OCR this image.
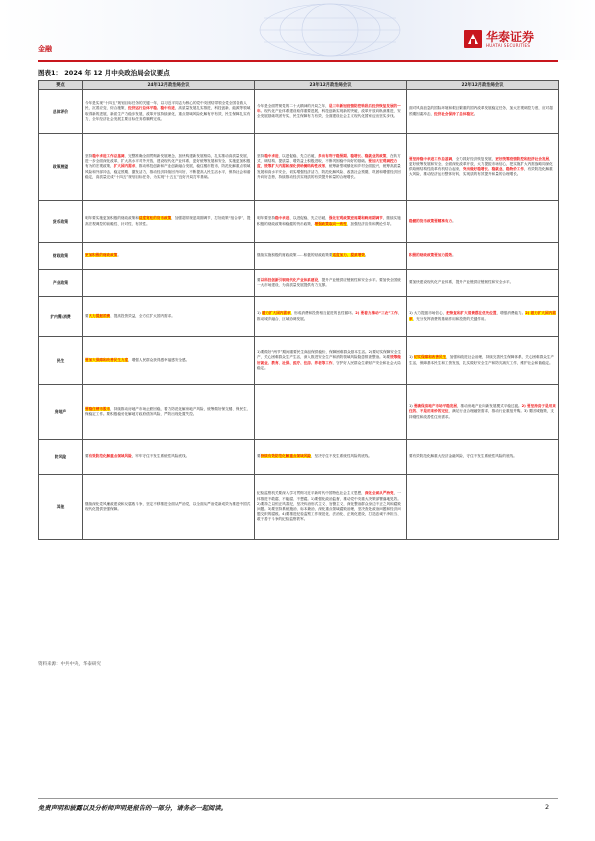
金融
华泰证券
HUATAI SECURITIES
图表1： 2024 年 12 月中央政治局会议要点
要点	24年12月政治局会议	23年12月政治局会议	22年12月政治局会议
总体评价	今年是实现“十四五”规划目标任务的关键一年，以习近平同志为核心的党中央团结带领全党全国各族人民，沉着应变、综合施策，经济运行总体平稳、稳中有进，高质量发展扎实推进，科技创新、能源等领域取得新的进展，新质生产力稳步发展，改革开放持续深化，重点领域风险化解有序有效，民生保障扎实有力，全年经济社会发展主要目标任务将顺利完成。	今年是全面贯彻党的二十大精神的开局之年，是三年新冠疫情防控转段后经济恢复发展的一年。现代化产业体系建设取得重要进展，科技创新实现新的突破，改革开放向纵深推进，安全发展基础巩固夯实，民生保障有力有效，全面建设社会主义现代化国家迈出坚实步伐。	面对风高浪急的国际环境和艰巨繁重的国内改革发展稳定任务，加大宏观调控力度，应对超预期因素冲击，经济社会保持了总体稳定。
政策展望	坚持稳中求进工作总基调，完整准确全面贯彻新发展理念，加快构建新发展格局，扎实推动高质量发展，进一步全面深化改革，扩大高水平对外开放，建设现代化产业体系，更好统筹发展和安全，实施更加积极有为的宏观政策，扩大国内需求，推动科技创新和产业创新融合发展，稳住楼市股市，防范化解重点领域风险和外部冲击，稳定预期、激发活力，推动经济持续回升向好，不断提高人民生活水平，保持社会和谐稳定，高质量完成“十四五”规划目标任务，为实现“十五五”良好开局打牢基础。	坚持稳中求进、以进促稳、先立后破，多出有利于稳预期、稳增长、稳就业的政策，在转方式、调结构、提质量、增效益上积极进取，不断巩固稳中向好的基础。要加大宏观调控力度，统筹扩大内需和深化供给侧结构性改革，统筹新型城镇化和乡村全面振兴，统筹高质量发展和高水平安全，切实增强经济活力、防范化解风险、改善社会预期，巩固和增强经济回升向好态势，持续推动经济实现质的有效提升和量的合理增长。	要坚持稳中求进工作总基调，全力抓好经济恢复发展，更好统筹疫情防控和经济社会发展，更好统筹发展和安全，全面深化改革开放，大力提振市场信心，把实施扩大内需战略同深化供给侧结构性改革有机结合起来，突出做好稳增长、稳就业、稳物价工作，有效防范化解重大风险，推动经济运行整体好转，实现质的有效提升和量的合理增长。
货币政策	明年要实施更加积极的财政政策和适度宽松的货币政策，加强超常规逆周期调节，打好政策“组合拳”，提高宏观调控的前瞻性、针对性、有效性。	明年要坚持稳中求进、以进促稳、先立后破，强化宏观政策逆周期和跨周期调节，继续实施积极的财政政策和稳健的货币政策，增强政策取向一致性，加强经济宣传和舆论引导。	稳健的货币政策要精准有力。
财政政策	更加积极的财政政策。	继续实施积极的财政政策……积极的财政政策要适度加力、提质增效。	积极的财政政策要加力提效。
产业政策		要以科技创新引领现代化产业体系建设，提升产业链供应链韧性和安全水平。要加快全国统一大市场建设，为高质量发展提供有力支撑。	要加快建设现代化产业体系，提升产业链供应链韧性和安全水平。
扩内需/消费	要大力提振消费、提高投资效益，全方位扩大国内需求。	1) 着力扩大国内需求，形成消费和投资相互促进的良性循环。2) 要着力推动“三农”工作，推动城乡融合、区域协调发展。	1) 大力提振市场信心，把恢复和扩大消费摆在优先位置，增强消费能力。2) 着力扩大国内需求，充分发挥消费的基础作用和投资的关键作用。
民生	要加大保障和改善民生力度，增强人民群众获得感幸福感安全感。	1)要做好“两节”期间重要民生商品保供稳价，保障困难群众基本生活。2)要切实保障安全生产，关心困难群众生产生活，深入推进安全生产和消防领域风险隐患排查整治。3)要统筹做好就业、教育、社保、医疗、住房、养老等工作，守护好人民群众生命财产安全和社会大局稳定。	1) 切实保障和改善民生，加强和改进社会治理，持续完善民生保障体系，关心困难群众生产生活，保障基本民生和工资发放，扎实做好安全生产和防灾减灾工作，维护社会和谐稳定。
房地产	要稳住楼市股市，持续推动房地产市场止跌回稳，着力防范化解房地产风险，统筹做好保交楼、保民生、保稳定工作。要积极稳妥化解地方政府债务风险，严防出现处置失控。		1) 要确保房地产市场平稳发展，推动房地产业向新发展模式平稳过渡。2) 要坚持房子是用来住的、不是用来炒的定位，满足行业合理融资需求，推动行业重组并购。3) 要因城施策，支持刚性和改善性住房需求。
防风险	要有效防范化解重点领域风险，牢牢守住不发生系统性风险底线。	要持续有效防范化解重点领域风险，坚决守住不发生系统性风险的底线。	要有效防范化解重大经济金融风险，守住不发生系统性风险的底线。
其他	继续深化党风廉政建设和反腐败斗争，坚定不移推进全面从严治党，以全面从严治党新成效为推进中国式现代化提供坚强保障。	纪检监察机关要深入学习贯彻习近平新时代中国特色社会主义思想，深化全面从严治党，一体推进不敢腐、不能腐、不想腐。1)要强化政治监督，推动党中央重大决策部署落地见效。2)要持之以恒正风肃纪，坚决纠治形式主义、官僚主义，深化整治群众身边不正之风和腐败问题。3)要坚持系统施治、标本兼治，深化重点领域腐败治理，坚决查处政治问题和经济问题交织的腐败。4)要推进纪检监察工作规范化、法治化、正规化建设，打造忠诚干净担当、敢于善于斗争的纪检监察铁军。	
资料来源：中共中央，华泰研究
免责声明和披露以及分析师声明是报告的一部分，请务必一起阅读。	2
